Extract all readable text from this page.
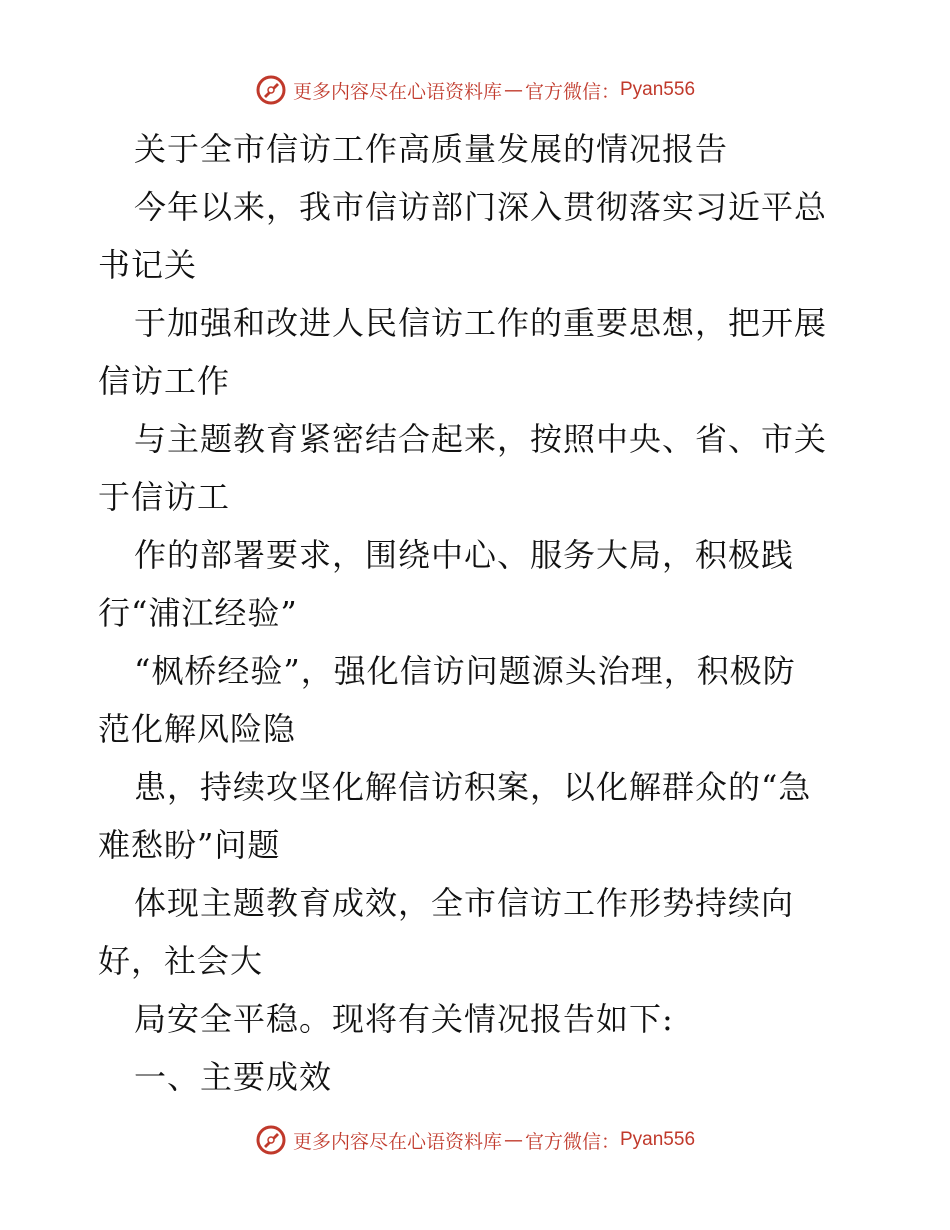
更多内容尽在心语资料库 — 官方微信： Pyan556
关于全市信访工作高质量发展的情况报告
今年以来，我市信访部门深入贯彻落实习近平总
书记关
于加强和改进人民信访工作的重要思想，把开展
信访工作
与主题教育紧密结合起来，按照中央、省、市关
于信访工
作的部署要求，围绕中心、服务大局，积极践
行“浦江经验”
“枫桥经验”，强化信访问题源头治理，积极防
范化解风险隐
患，持续攻坚化解信访积案，以化解群众的“急
难愁盼”问题
体现主题教育成效，全市信访工作形势持续向
好，社会大
局安全平稳。现将有关情况报告如下:
一、主要成效
更多内容尽在心语资料库 — 官方微信： Pyan556
